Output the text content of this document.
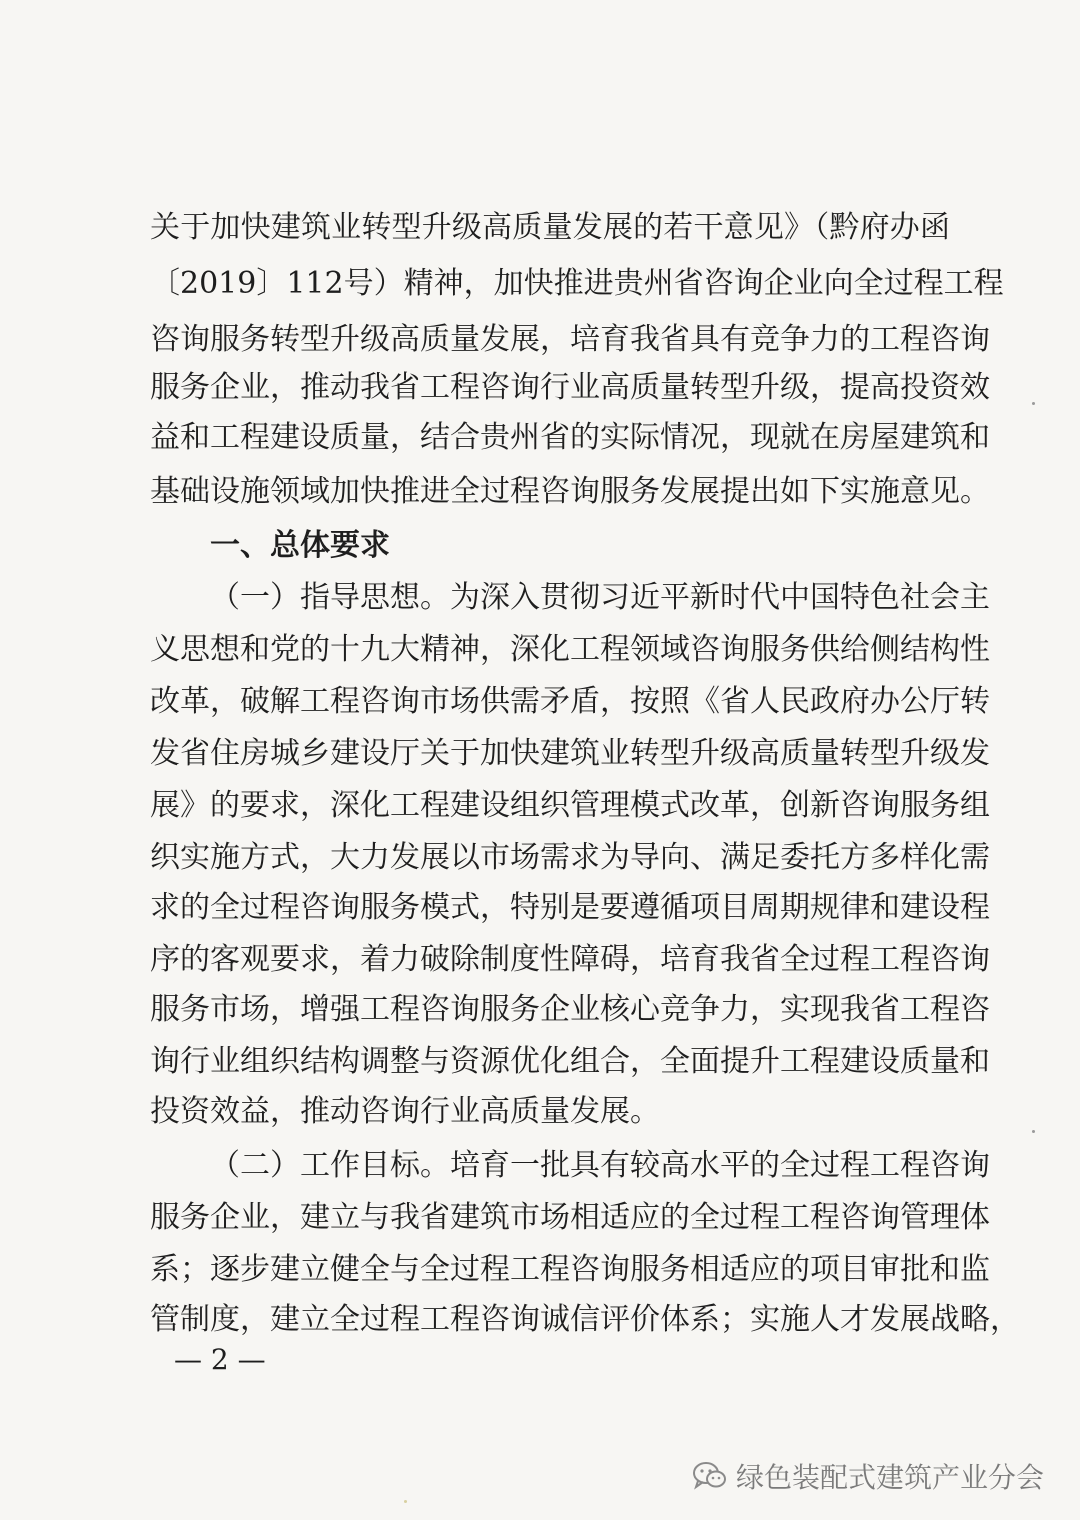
关于加快建筑业转型升级高质量发展的若干意见》（黔府办函
〔2019〕112号）精神，加快推进贵州省咨询企业向全过程工程
咨询服务转型升级高质量发展，培育我省具有竞争力的工程咨询
服务企业，推动我省工程咨询行业高质量转型升级，提高投资效
益和工程建设质量，结合贵州省的实际情况，现就在房屋建筑和
基础设施领域加快推进全过程咨询服务发展提出如下实施意见。
一、总体要求
（一）指导思想。为深入贯彻习近平新时代中国特色社会主
义思想和党的十九大精神，深化工程领域咨询服务供给侧结构性
改革，破解工程咨询市场供需矛盾，按照《省人民政府办公厅转
发省住房城乡建设厅关于加快建筑业转型升级高质量转型升级发
展》的要求，深化工程建设组织管理模式改革，创新咨询服务组
织实施方式，大力发展以市场需求为导向、满足委托方多样化需
求的全过程咨询服务模式，特别是要遵循项目周期规律和建设程
序的客观要求，着力破除制度性障碍，培育我省全过程工程咨询
服务市场，增强工程咨询服务企业核心竞争力，实现我省工程咨
询行业组织结构调整与资源优化组合，全面提升工程建设质量和
投资效益，推动咨询行业高质量发展。
（二）工作目标。培育一批具有较高水平的全过程工程咨询
服务企业，建立与我省建筑市场相适应的全过程工程咨询管理体
系；逐步建立健全与全过程工程咨询服务相适应的项目审批和监
管制度，建立全过程工程咨询诚信评价体系；实施人才发展战略，
— 2 —
绿色装配式建筑产业分会
